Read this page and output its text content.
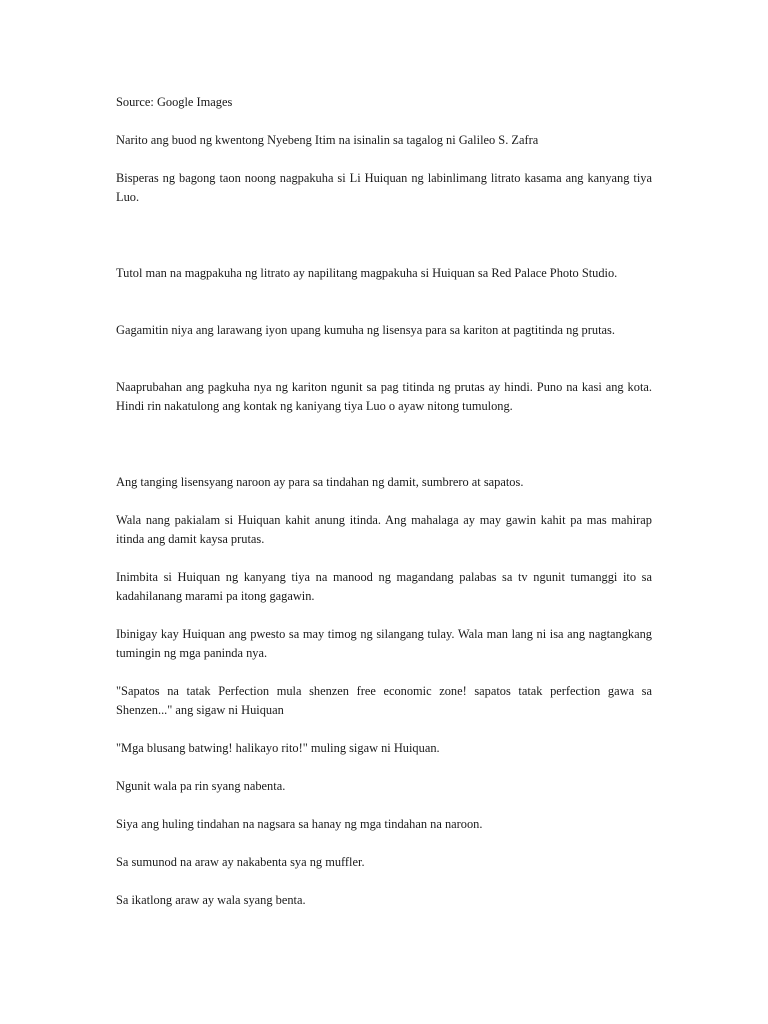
Source: Google Images

Narito ang buod ng kwentong Nyebeng Itim na isinalin sa tagalog ni Galileo S. Zafra

Bisperas ng bagong taon noong nagpakuha si Li Huiquan ng labinlimang litrato kasama ang kanyang tiya Luo.

Tutol man na magpakuha ng litrato ay napilitang magpakuha si Huiquan sa Red Palace Photo Studio.

Gagamitin niya ang larawang iyon upang kumuha ng lisensya para sa kariton at pagtitinda ng prutas.

Naaprubahan ang pagkuha nya ng kariton ngunit sa pag titinda ng prutas ay hindi. Puno na kasi ang kota. Hindi rin nakatulong ang kontak ng kaniyang tiya Luo o ayaw nitong tumulong.

Ang tanging lisensyang naroon ay para sa tindahan ng damit, sumbrero at sapatos.

Wala nang pakialam si Huiquan kahit anung itinda. Ang mahalaga ay may gawin kahit pa mas mahirap itinda ang damit kaysa prutas.

Inimbita si Huiquan ng kanyang tiya na manood ng magandang palabas sa tv ngunit tumanggi ito sa kadahilanang marami pa itong gagawin.

Ibinigay kay Huiquan ang pwesto sa may timog ng silangang tulay. Wala man lang ni isa ang nagtangkang tumingin ng mga paninda nya.

"Sapatos na tatak Perfection mula shenzen free economic zone! sapatos tatak perfection gawa sa Shenzen..." ang sigaw ni Huiquan

"Mga blusang batwing! halikayo rito!" muling sigaw ni Huiquan.

Ngunit wala pa rin syang nabenta.

Siya ang huling tindahan na nagsara sa hanay ng mga tindahan na naroon.

Sa sumunod na araw ay nakabenta sya ng muffler.

Sa ikatlong araw ay wala syang benta.
